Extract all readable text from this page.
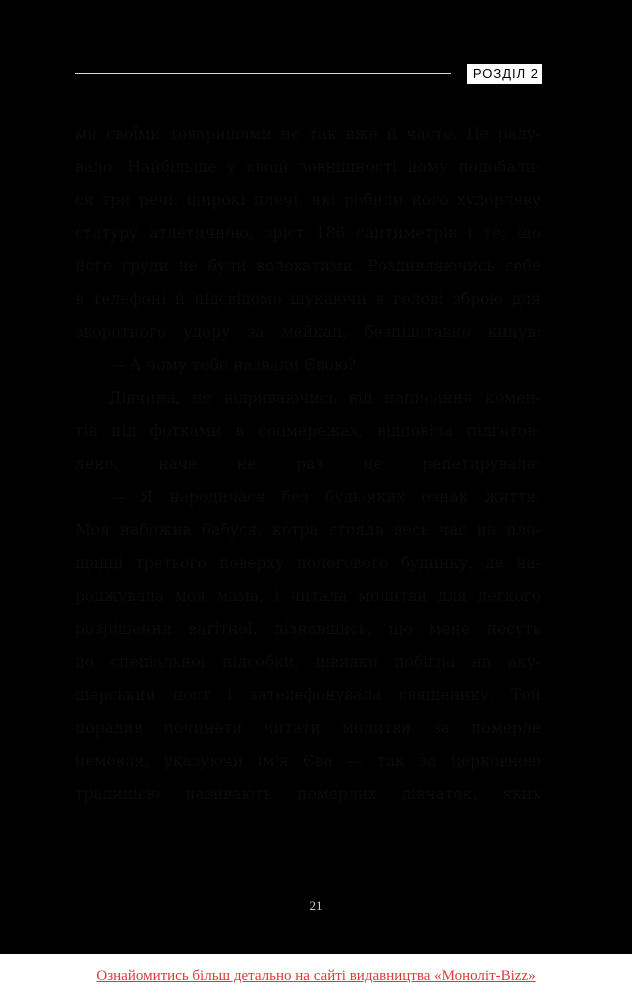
РОЗДІЛ 2

ми своїми товаришами не так вже й часто. Це раду-
вало. Найбільше у своїй зовнішності йому подобали-
ся три речі: широкі плечі, які робили його худорляву
статуру атлетичною, зріст 186 сантиметрів і те, що
його груди не були волохатими. Роздивляючись себе
в телефоні й підсвідомо шукаючи в голові зброю для
зворотного удару за мейкап, безпідставно кинув:

— А чому тебе назвали Євою?

Дівчина, не відриваючись від написання комен-
тів під фотками в соцмережах, відповіла підготов-
лено, наче не раз це репетирувала:

— Я народилася без будь-яких ознак життя.
Моя набожна бабуся, котра стояла весь час на пло-
щадці третього поверху пологового будинку, де на-
роджувала моя мама, і читала молитви для легкого
розрішення вагітної, дізнавшись, що мене несуть
до спеціальної підсобки, швидко побігла на аку-
шерський пост і зателефонувала священику. Той
порадив починати читати молитви за померле
немовля, указуючи ім'я Єва — так за церковною
традицією називають померлих дівчаток, яких

21
Ознайомитись більш детально на сайті видавництва «Моноліт-Bizz»
